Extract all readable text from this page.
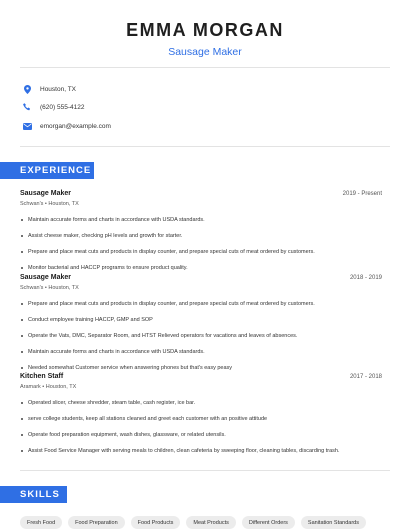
EMMA MORGAN
Sausage Maker
Houston, TX
(620) 555-4122
emorgan@example.com
EXPERIENCE
Sausage Maker	2019 - Present
Schwan's • Houston, TX
Maintain accurate forms and charts in accordance with USDA standards.
Assist cheese maker, checking pH levels and growth for starter.
Prepare and place meat cuts and products in display counter, and prepare special cuts of meat ordered by customers.
Monitor bacterial and HACCP programs to ensure product quality.
Sausage Maker	2018 - 2019
Schwan's • Houston, TX
Prepare and place meat cuts and products in display counter, and prepare special cuts of meat ordered by customers.
Conduct employee training HACCP, GMP and SOP
Operate the Vats, DMC, Separator Room, and HTST Relieved operators for vacations and leaves of absences.
Maintain accurate forms and charts in accordance with USDA standards.
Needed somewhat Customer service when answering phones but that's easy peasy
Kitchen Staff	2017 - 2018
Aramark • Houston, TX
Operated slicer, cheese shredder, steam table, cash register, ice bar.
serve college students, keep all stations cleaned and greet each customer with an positive attitude
Operate food preparation equipment, wash dishes, glassware, or related utensils.
Assist Food Service Manager with serving meals to children, clean cafeteria by sweeping floor, cleaning tables, discarding trash.
SKILLS
Fresh Food	Food Preparation	Food Products	Meat Products	Different Orders	Sanitation Standards
